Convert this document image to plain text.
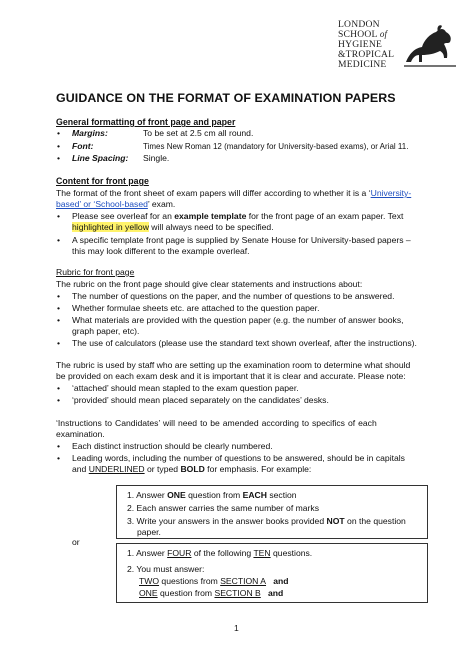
LONDON
SCHOOL of
HYGIENE
&TROPICAL
MEDICINE
GUIDANCE ON THE FORMAT OF EXAMINATION PAPERS
General formatting of front page and paper
• Margins:	To be set at 2.5 cm all round.
• Font:	Times New Roman 12 (mandatory for University-based exams), or Arial 11.
• Line Spacing: Single.
Content for front page
The format of the front sheet of exam papers will differ according to whether it is a ‘University-
based’ or ‘School-based’ exam.
• Please see overleaf for an example template for the front page of an exam paper. Text
highlighted in yellow will always need to be specified.
• A specific template front page is supplied by Senate House for University-based papers –
this may look different to the example overleaf.
Rubric for front page
The rubric on the front page should give clear statements and instructions about:
• The number of questions on the paper, and the number of questions to be answered.
• Whether formulae sheets etc. are attached to the question paper.
• What materials are provided with the question paper (e.g. the number of answer books,
graph paper, etc).
• The use of calculators (please use the standard text shown overleaf, after the instructions).
The rubric is used by staff who are setting up the examination room to determine what should
be provided on each exam desk and it is important that it is clear and accurate. Please note:
• ‘attached’ should mean stapled to the exam question paper.
• ‘provided’ should mean placed separately on the candidates’ desks.
‘Instructions to Candidates’ will need to be amended according to specifics of each
examination.
• Each distinct instruction should be clearly numbered.
• Leading words, including the number of questions to be answered, should be in capitals
and UNDERLINED or typed BOLD for emphasis. For example:
1. Answer ONE question from EACH section
2. Each answer carries the same number of marks
3. Write your answers in the answer books provided NOT on the question
paper.
or
1. Answer FOUR of the following TEN questions.
2. You must answer:
TWO questions from SECTION A and
ONE question from SECTION B and
1
